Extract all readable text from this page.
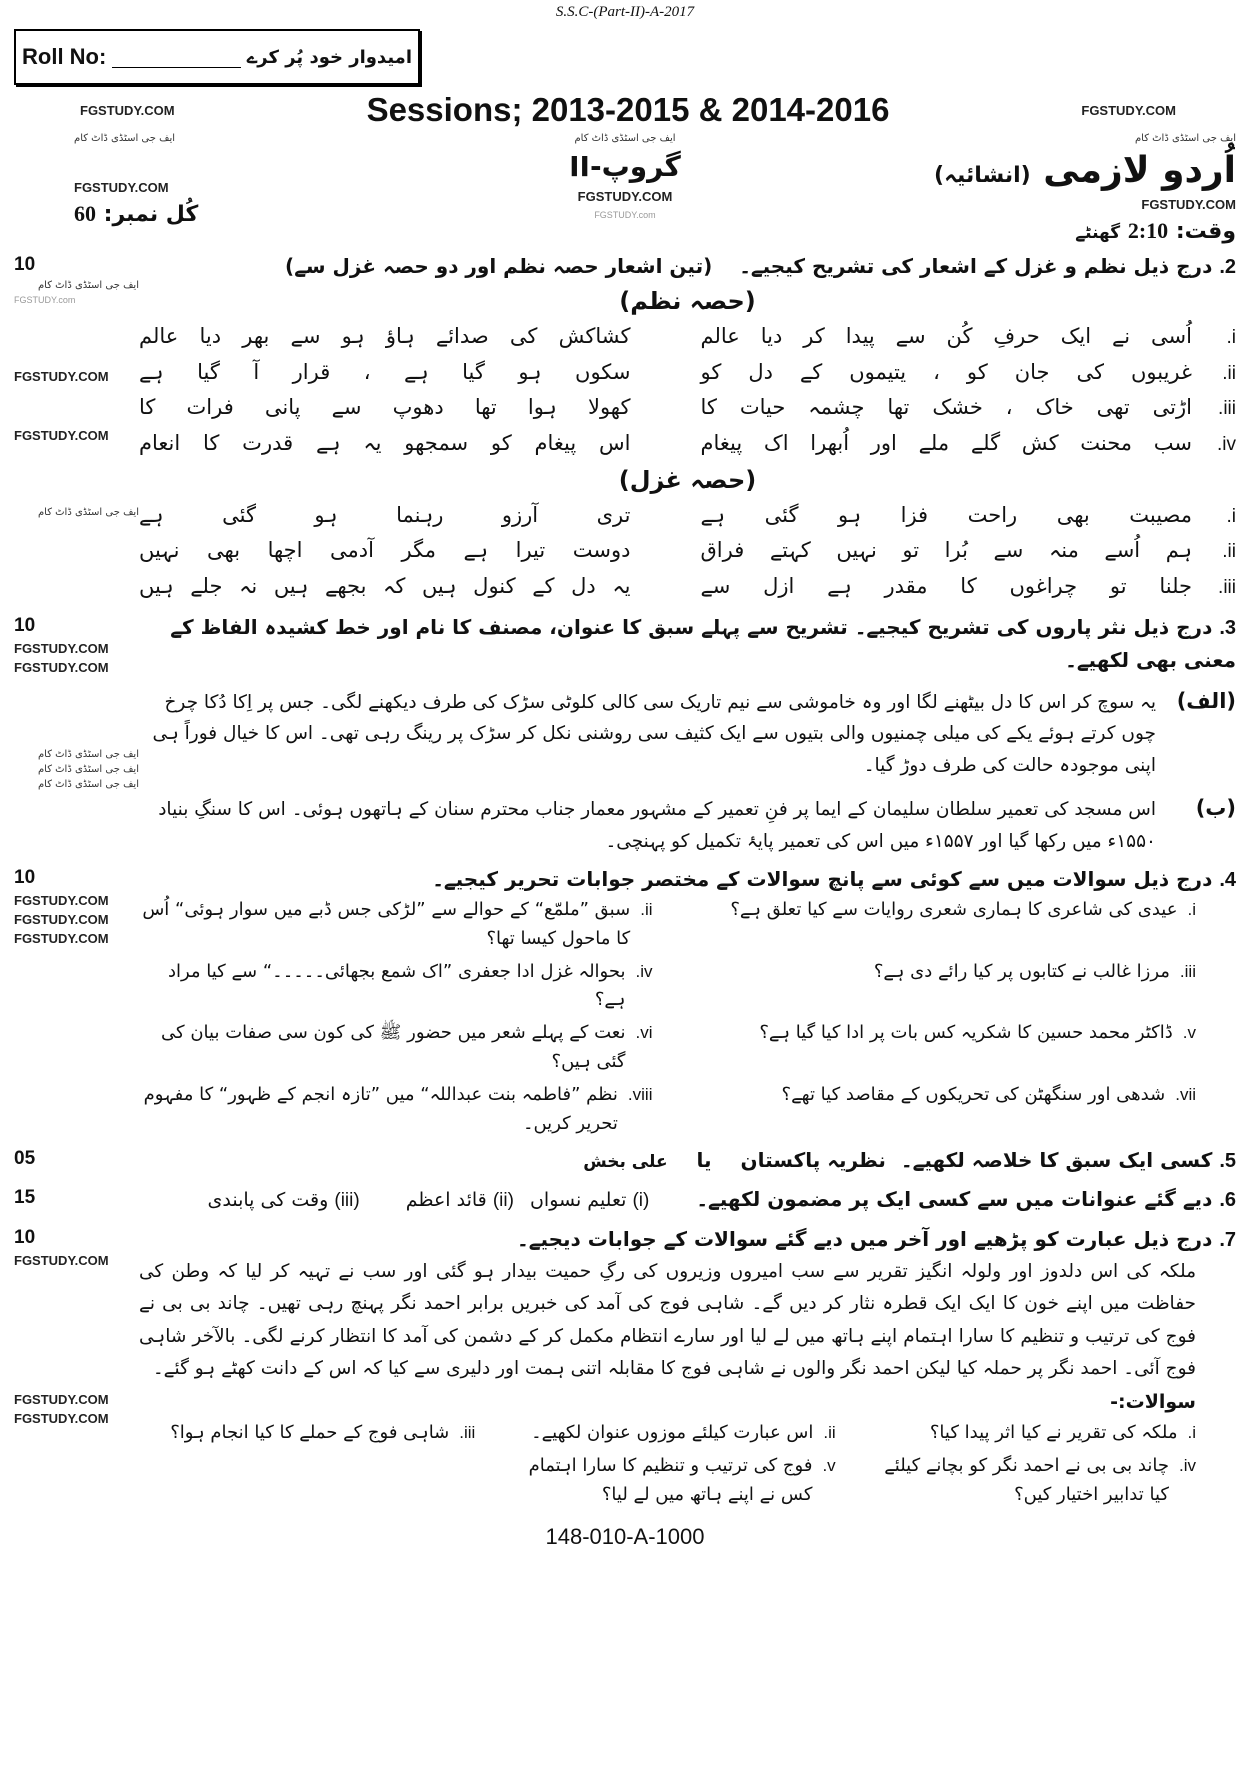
S.S.C-(Part-II)-A-2017
Roll No:	امیدوار خود پُر کرے
FGSTUDY.COM	Sessions; 2013-2015 & 2014-2016	FGSTUDY.COM
ایف جی اسٹڈی ڈاٹ کام
FGSTUDY.COM
کُل نمبر: 60
ایف جی اسٹڈی ڈاٹ کام
گروپ-II
FGSTUDY.COM
FGSTUDY.com
ایف جی اسٹڈی ڈاٹ کام
اُردو لازمی (انشائیہ)
FGSTUDY.COM
وقت: 2:10 گھنٹے
10
ایف جی اسٹڈی ڈاٹ کام
FGSTUDY.com
FGSTUDY.COM
FGSTUDY.COM
ایف جی اسٹڈی ڈاٹ کام
2. درج ذیل نظم و غزل کے اشعار کی تشریح کیجیے۔ (تین اشعار حصہ نظم اور دو حصہ غزل سے)
(حصہ نظم)
i.
اُسی نے ایک حرفِ کُن سے پیدا کر دیا عالم
کشاکش کی صدائے ہاؤ ہو سے بھر دیا عالم
ii.
غریبوں کی جان کو ، یتیموں کے دل کو
سکوں ہو گیا ہے ، قرار آ گیا ہے
iii.
اڑتی تھی خاک ، خشک تھا چشمہ حیات کا
کھولا ہوا تھا دھوپ سے پانی فرات کا
iv.
سب محنت کش گلے ملے اور اُبھرا اک پیغام
اس پیغام کو سمجھو یہ ہے قدرت کا انعام
(حصہ غزل)
i.
مصیبت بھی راحت فزا ہو گئی ہے
تری آرزو رہنما ہو گئی ہے
ii.
ہم اُسے منہ سے بُرا تو نہیں کہتے فراق
دوست تیرا ہے مگر آدمی اچھا بھی نہیں
iii.
جلنا تو چراغوں کا مقدر ہے ازل سے
یہ دل کے کنول ہیں کہ بجھے ہیں نہ جلے ہیں
10
FGSTUDY.COM
FGSTUDY.COM
ایف جی اسٹڈی ڈاٹ کام
ایف جی اسٹڈی ڈاٹ کام
ایف جی اسٹڈی ڈاٹ کام
3. درج ذیل نثر پاروں کی تشریح کیجیے۔ تشریح سے پہلے سبق کا عنوان، مصنف کا نام اور خط کشیدہ الفاظ کے معنی بھی لکھیے۔
(الف)
یہ سوچ کر اس کا دل بیٹھنے لگا اور وہ خاموشی سے نیم تاریک سی کالی کلوٹی سڑک کی طرف دیکھنے لگی۔ جس پر اِکا دُکا چرخ چوں کرتے ہوئے یکے کی میلی چمنیوں والی بتیوں سے ایک کثیف سی روشنی نکل کر سڑک پر رینگ رہی تھی۔ اس کا خیال فوراً ہی اپنی موجودہ حالت کی طرف دوڑ گیا۔
(ب)
اس مسجد کی تعمیر سلطان سلیمان کے ایما پر فنِ تعمیر کے مشہور معمار جناب محترم سنان کے ہاتھوں ہوئی۔ اس کا سنگِ بنیاد ۱۵۵۰ء میں رکھا گیا اور ۱۵۵۷ء میں اس کی تعمیر پایۂ تکمیل کو پہنچی۔
10
FGSTUDY.COM
FGSTUDY.COM
FGSTUDY.COM
4. درج ذیل سوالات میں سے کوئی سے پانچ سوالات کے مختصر جوابات تحریر کیجیے۔
i.
عیدی کی شاعری کا ہماری شعری روایات سے کیا تعلق ہے؟
ii.
سبق ”ملمّع“ کے حوالے سے ”لڑکی جس ڈبے میں سوار ہوئی“ اُس کا ماحول کیسا تھا؟
iii.
مرزا غالب نے کتابوں پر کیا رائے دی ہے؟
iv.
بحوالہ غزل ادا جعفری ”اک شمع بجھائی۔۔۔۔۔“ سے کیا مراد ہے؟
v.
ڈاکٹر محمد حسین کا شکریہ کس بات پر ادا کیا گیا ہے؟
vi.
نعت کے پہلے شعر میں حضور ﷺ کی کون سی صفات بیان کی گئی ہیں؟
vii.
شدھی اور سنگھٹن کی تحریکوں کے مقاصد کیا تھے؟
viii.
نظم ”فاطمہ بنت عبداللہ“ میں ”تازہ انجم کے ظہور“ کا مفہوم تحریر کریں۔
05	5. کسی ایک سبق کا خلاصہ لکھیے۔ نظریہ پاکستان یا علی بخش
15	6. دیے گئے عنوانات میں سے کسی ایک پر مضمون لکھیے۔ (i) تعلیم نسواں (ii) قائد اعظم (iii) وقت کی پابندی
10
FGSTUDY.COM
FGSTUDY.COM
FGSTUDY.COM
7. درج ذیل عبارت کو پڑھیے اور آخر میں دیے گئے سوالات کے جوابات دیجیے۔
ملکہ کی اس دلدوز اور ولولہ انگیز تقریر سے سب امیروں وزیروں کی رگِ حمیت بیدار ہو گئی اور سب نے تہیہ کر لیا کہ وطن کی حفاظت میں اپنے خون کا ایک ایک قطرہ نثار کر دیں گے۔ شاہی فوج کی آمد کی خبریں برابر احمد نگر پہنچ رہی تھیں۔ چاند بی بی نے فوج کی ترتیب و تنظیم کا سارا اہتمام اپنے ہاتھ میں لے لیا اور سارے انتظام مکمل کر کے دشمن کی آمد کا انتظار کرنے لگی۔ بالآخر شاہی فوج آئی۔ احمد نگر پر حملہ کیا لیکن احمد نگر والوں نے شاہی فوج کا مقابلہ اتنی ہمت اور دلیری سے کیا کہ اس کے دانت کھٹے ہو گئے۔
سوالات:-
i.
ملکہ کی تقریر نے کیا اثر پیدا کیا؟
ii.
اس عبارت کیلئے موزوں عنوان لکھیے۔
iii.
شاہی فوج کے حملے کا کیا انجام ہوا؟
iv.
چاند بی بی نے احمد نگر کو بچانے کیلئے کیا تدابیر اختیار کیں؟
v.
فوج کی ترتیب و تنظیم کا سارا اہتمام کس نے اپنے ہاتھ میں لے لیا؟
148-010-A-1000
